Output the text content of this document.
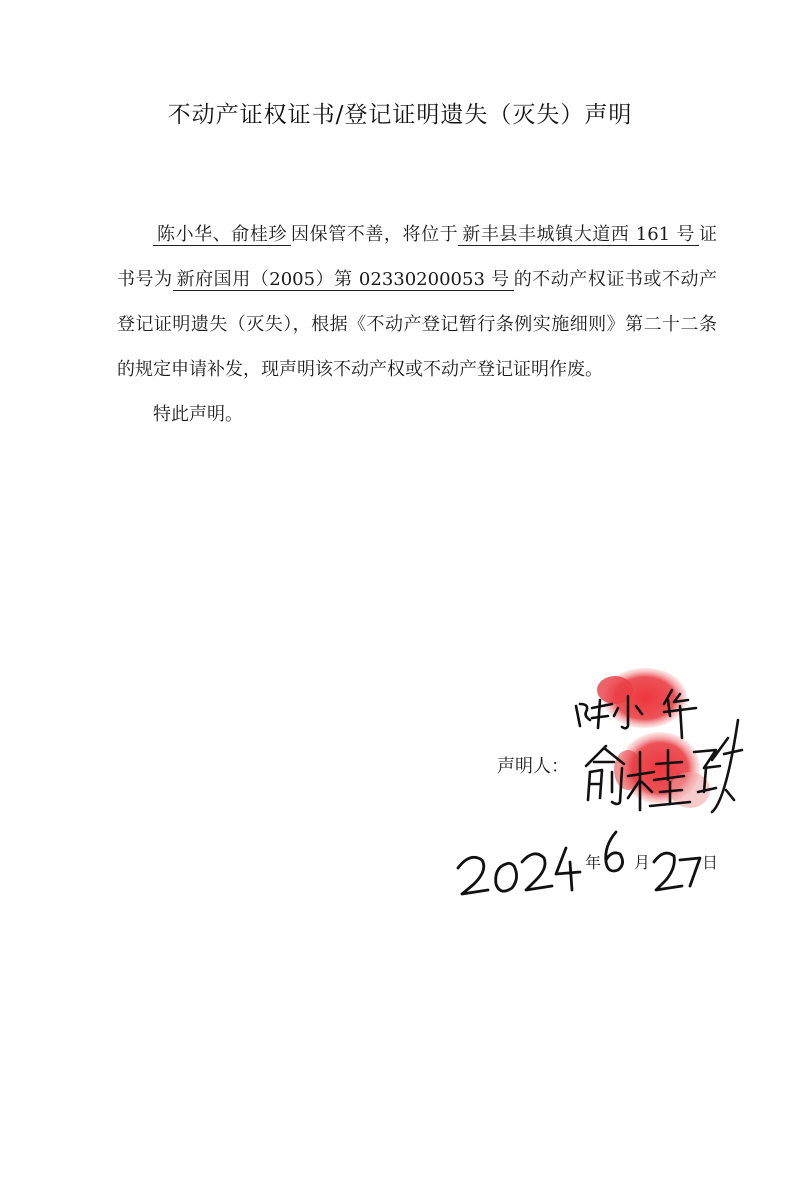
不动产证权证书/登记证明遗失（灭失）声明

陈小华、俞桂珍 因保管不善，将位于 新丰县丰城镇大道西 161 号 证书号为 新府国用（2005）第 02330200053 号 的不动产权证书或不动产登记证明遗失（灭失），根据《不动产登记暂行条例实施细则》第二十二条的规定申请补发，现声明该不动产权或不动产登记证明作废。

特此声明。

声明人：
年 月	日
